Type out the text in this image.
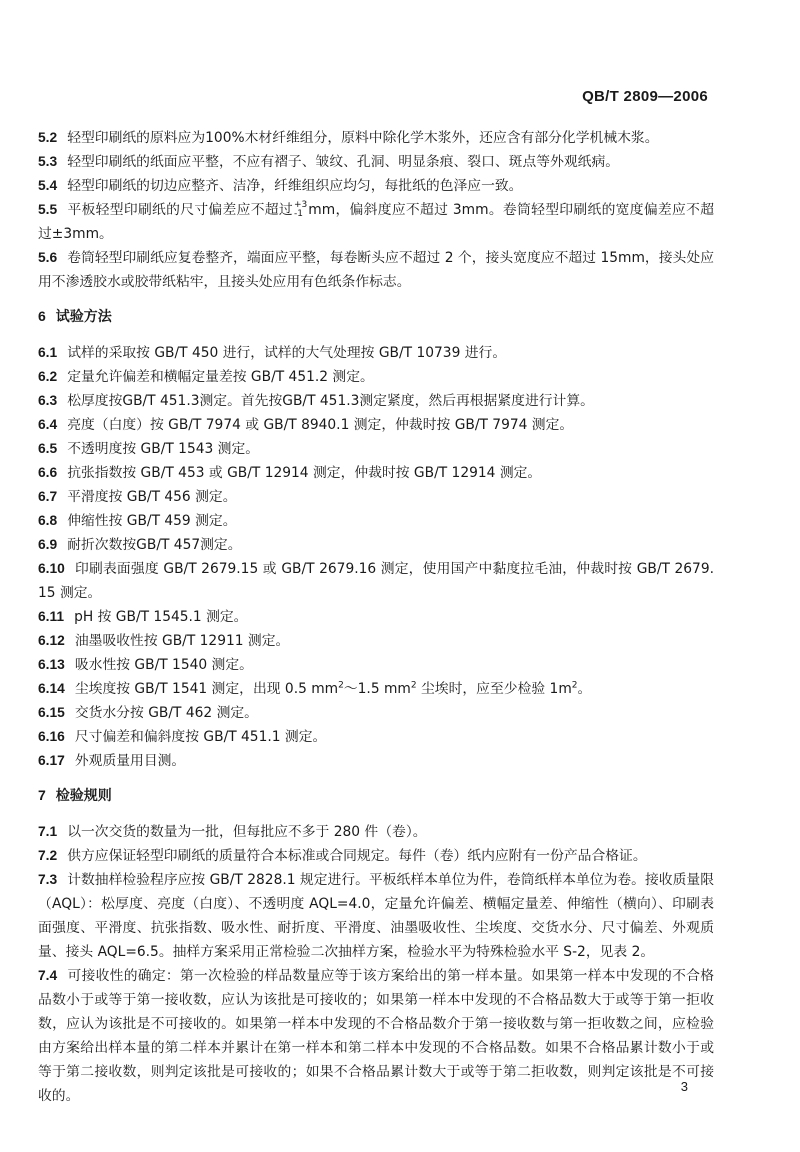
QB/T 2809—2006

5.2 轻型印刷纸的原料应为100%木材纤维组分，原料中除化学木浆外，还应含有部分化学机械木浆。

5.3 轻型印刷纸的纸面应平整，不应有褶子、皱纹、孔洞、明显条痕、裂口、斑点等外观纸病。

5.4 轻型印刷纸的切边应整齐、洁净，纤维组织应均匀，每批纸的色泽应一致。

5.5 平板轻型印刷纸的尺寸偏差应不超过+3
-1 mm，偏斜度应不超过 3mm。卷筒轻型印刷纸的宽度偏差应不超过±3mm。

5.6 卷筒轻型印刷纸应复卷整齐，端面应平整，每卷断头应不超过 2 个，接头宽度应不超过 15mm，接头处应用不渗透胶水或胶带纸粘牢，且接头处应用有色纸条作标志。

6 试验方法

6.1 试样的采取按 GB/T 450 进行，试样的大气处理按 GB/T 10739 进行。

6.2 定量允许偏差和横幅定量差按 GB/T 451.2 测定。

6.3 松厚度按GB/T 451.3测定。首先按GB/T 451.3测定紧度，然后再根据紧度进行计算。

6.4 亮度（白度）按 GB/T 7974 或 GB/T 8940.1 测定，仲裁时按 GB/T 7974 测定。

6.5 不透明度按 GB/T 1543 测定。

6.6 抗张指数按 GB/T 453 或 GB/T 12914 测定，仲裁时按 GB/T 12914 测定。

6.7 平滑度按 GB/T 456 测定。

6.8 伸缩性按 GB/T 459 测定。

6.9 耐折次数按GB/T 457测定。

6.10 印刷表面强度 GB/T 2679.15 或 GB/T 2679.16 测定，使用国产中黏度拉毛油，仲裁时按 GB/T 2679.15 测定。

6.11 pH 按 GB/T 1545.1 测定。

6.12 油墨吸收性按 GB/T 12911 测定。

6.13 吸水性按 GB/T 1540 测定。

6.14 尘埃度按 GB/T 1541 测定，出现 0.5 $mm^2\sim 1.5$ $mm^2$ 尘埃时，应至少检验 $1m^2$。

6.15 交货水分按 GB/T 462 测定。

6.16 尺寸偏差和偏斜度按 GB/T 451.1 测定。

6.17 外观质量用目测。

7 检验规则

7.1 以一次交货的数量为一批，但每批应不多于 280 件（卷）。

7.2 供方应保证轻型印刷纸的质量符合本标准或合同规定。每件（卷）纸内应附有一份产品合格证。

7.3 计数抽样检验程序应按 GB/T 2828.1 规定进行。平板纸样本单位为件，卷筒纸样本单位为卷。接收质量限（AQL）：松厚度、亮度（白度）、不透明度 AQL=4.0，定量允许偏差、横幅定量差、伸缩性（横向）、印刷表面强度、平滑度、抗张指数、吸水性、耐折度、平滑度、油墨吸收性、尘埃度、交货水分、尺寸偏差、外观质量、接头 AQL=6.5。抽样方案采用正常检验二次抽样方案，检验水平为特殊检验水平 S-2，见表 2。

7.4 可接收性的确定：第一次检验的样品数量应等于该方案给出的第一样本量。如果第一样本中发现的不合格品数小于或等于第一接收数，应认为该批是可接收的；如果第一样本中发现的不合格品数大于或等于第一拒收数，应认为该批是不可接收的。如果第一样本中发现的不合格品数介于第一接收数与第一拒收数之间，应检验由方案给出样本量的第二样本并累计在第一样本和第二样本中发现的不合格品数。如果不合格品累计数小于或等于第二接收数，则判定该批是可接收的；如果不合格品累计数大于或等于第二拒收数，则判定该批是不可接收的。

3
